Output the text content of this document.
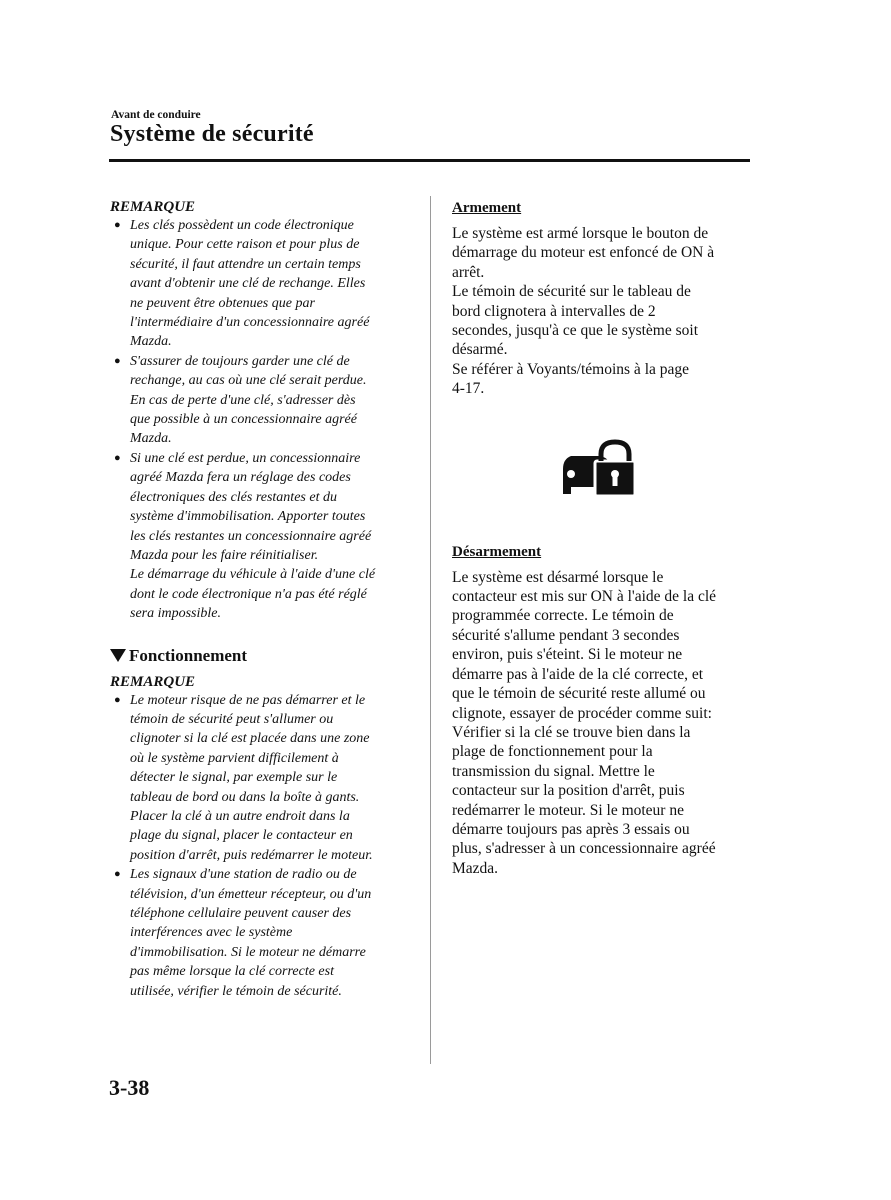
Avant de conduire
Système de sécurité
REMARQUE
● Les clés possèdent un code électronique
unique. Pour cette raison et pour plus de
sécurité, il faut attendre un certain temps
avant d'obtenir une clé de rechange. Elles
ne peuvent être obtenues que par
l'intermédiaire d'un concessionnaire agréé
Mazda.
● S'assurer de toujours garder une clé de
rechange, au cas où une clé serait perdue.
En cas de perte d'une clé, s'adresser dès
que possible à un concessionnaire agréé
Mazda.
● Si une clé est perdue, un concessionnaire
agréé Mazda fera un réglage des codes
électroniques des clés restantes et du
système d'immobilisation. Apporter toutes
les clés restantes un concessionnaire agréé
Mazda pour les faire réinitialiser.
Le démarrage du véhicule à l'aide d'une clé
dont le code électronique n'a pas été réglé
sera impossible.
Fonctionnement
REMARQUE
● Le moteur risque de ne pas démarrer et le
témoin de sécurité peut s'allumer ou
clignoter si la clé est placée dans une zone
où le système parvient difficilement à
détecter le signal, par exemple sur le
tableau de bord ou dans la boîte à gants.
Placer la clé à un autre endroit dans la
plage du signal, placer le contacteur en
position d'arrêt, puis redémarrer le moteur.
● Les signaux d'une station de radio ou de
télévision, d'un émetteur récepteur, ou d'un
téléphone cellulaire peuvent causer des
interférences avec le système
d'immobilisation. Si le moteur ne démarre
pas même lorsque la clé correcte est
utilisée, vérifier le témoin de sécurité.
Armement
Le système est armé lorsque le bouton de
démarrage du moteur est enfoncé de ON à
arrêt.
Le témoin de sécurité sur le tableau de
bord clignotera à intervalles de 2
secondes, jusqu'à ce que le système soit
désarmé.
Se référer à Voyants/témoins à la page
4-17.
Désarmement
Le système est désarmé lorsque le
contacteur est mis sur ON à l'aide de la clé
programmée correcte. Le témoin de
sécurité s'allume pendant 3 secondes
environ, puis s'éteint. Si le moteur ne
démarre pas à l'aide de la clé correcte, et
que le témoin de sécurité reste allumé ou
clignote, essayer de procéder comme suit:
Vérifier si la clé se trouve bien dans la
plage de fonctionnement pour la
transmission du signal. Mettre le
contacteur sur la position d'arrêt, puis
redémarrer le moteur. Si le moteur ne
démarre toujours pas après 3 essais ou
plus, s'adresser à un concessionnaire agréé
Mazda.
3-38
